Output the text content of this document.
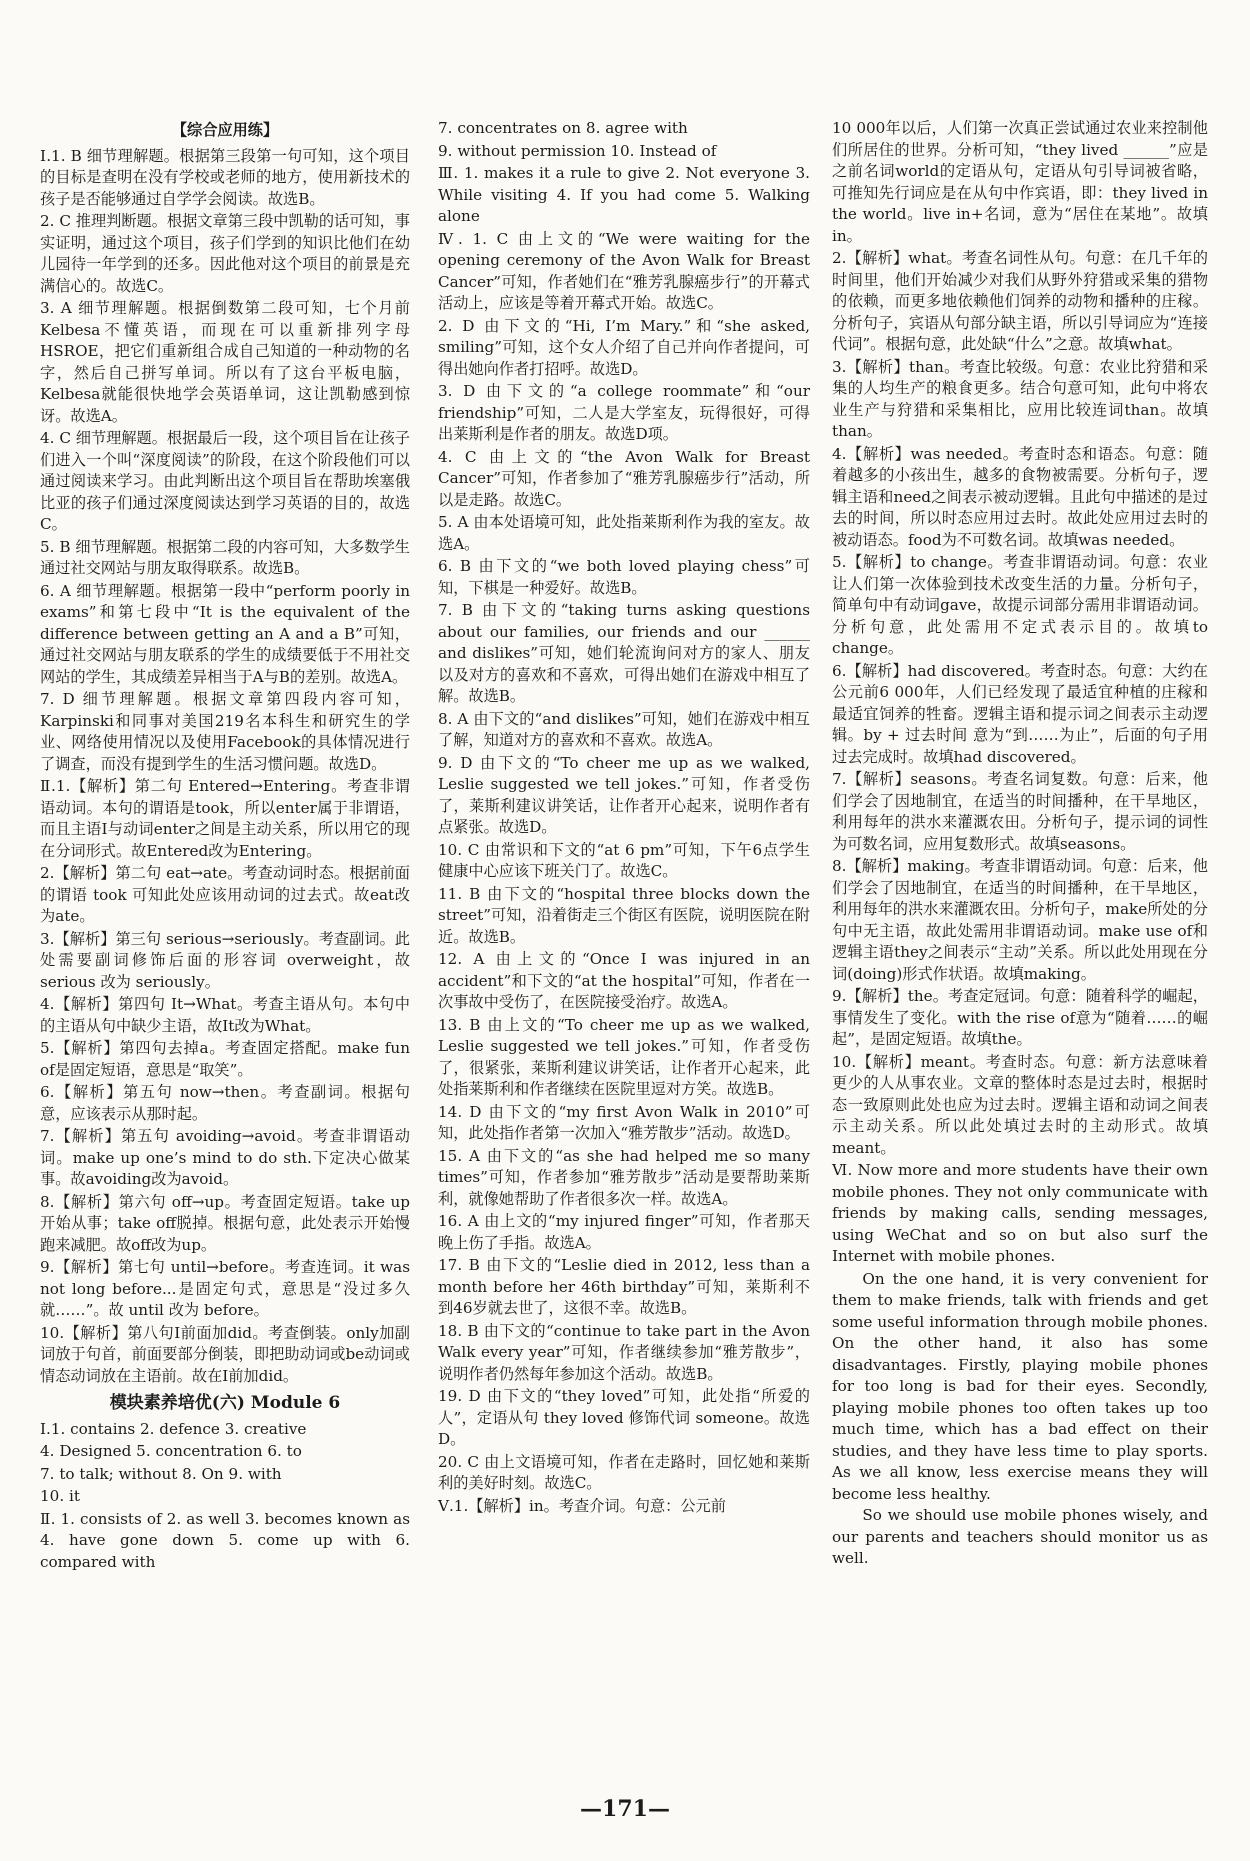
【综合应用练】

Ⅰ.1. B 细节理解题。根据第三段第一句可知，这个项目的目标是查明在没有学校或老师的地方，使用新技术的孩子是否能够通过自学学会阅读。故选B。

2. C 推理判断题。根据文章第三段中凯勒的话可知，事实证明，通过这个项目，孩子们学到的知识比他们在幼儿园待一年学到的还多。因此他对这个项目的前景是充满信心的。故选C。

3. A 细节理解题。根据倒数第二段可知，七个月前Kelbesa不懂英语，而现在可以重新排列字母HSROE，把它们重新组合成自己知道的一种动物的名字，然后自己拼写单词。所以有了这台平板电脑，Kelbesa就能很快地学会英语单词，这让凯勒感到惊讶。故选A。

4. C 细节理解题。根据最后一段，这个项目旨在让孩子们进入一个叫“深度阅读”的阶段，在这个阶段他们可以通过阅读来学习。由此判断出这个项目旨在帮助埃塞俄比亚的孩子们通过深度阅读达到学习英语的目的，故选C。

5. B 细节理解题。根据第二段的内容可知，大多数学生通过社交网站与朋友取得联系。故选B。

6. A 细节理解题。根据第一段中“perform poorly in exams”和第七段中“It is the equivalent of the difference between getting an A and a B”可知，通过社交网站与朋友联系的学生的成绩要低于不用社交网站的学生，其成绩差异相当于A与B的差别。故选A。

7. D 细节理解题。根据文章第四段内容可知，Karpinski和同事对美国219名本科生和研究生的学业、网络使用情况以及使用Facebook的具体情况进行了调查，而没有提到学生的生活习惯问题。故选D。

Ⅱ.1.【解析】第二句 Entered→Entering。考查非谓语动词。本句的谓语是took，所以enter属于非谓语，而且主语I与动词enter之间是主动关系，所以用它的现在分词形式。故Entered改为Entering。

2.【解析】第二句 eat→ate。考查动词时态。根据前面的谓语 took 可知此处应该用动词的过去式。故eat改为ate。

3.【解析】第三句 serious→seriously。考查副词。此处需要副词修饰后面的形容词 overweight，故 serious 改为 seriously。

4.【解析】第四句 It→What。考查主语从句。本句中的主语从句中缺少主语，故It改为What。

5.【解析】第四句去掉a。考查固定搭配。make fun of是固定短语，意思是“取笑”。

6.【解析】第五句 now→then。考查副词。根据句意，应该表示从那时起。

7.【解析】第五句 avoiding→avoid。考查非谓语动词。make up one’s mind to do sth.下定决心做某事。故avoiding改为avoid。

8.【解析】第六句 off→up。考查固定短语。take up开始从事；take off脱掉。根据句意，此处表示开始慢跑来减肥。故off改为up。

9.【解析】第七句 until→before。考查连词。it was not long before...是固定句式，意思是“没过多久就……”。故 until 改为 before。

10.【解析】第八句I前面加did。考查倒装。only加副词放于句首，前面要部分倒装，即把助动词或be动词或情态动词放在主语前。故在I前加did。

模块素养培优(六) Module 6

Ⅰ.1. contains 2. defence 3. creative

4. Designed 5. concentration 6. to

7. to talk; without 8. On 9. with

10. it

Ⅱ. 1. consists of 2. as well 3. becomes known as 4. have gone down 5. come up with 6. compared with

7. concentrates on 8. agree with

9. without permission 10. Instead of

Ⅲ. 1. makes it a rule to give 2. Not everyone 3. While visiting 4. If you had come 5. Walking alone

Ⅳ. 1. C 由上文的“We were waiting for the opening ceremony of the Avon Walk for Breast Cancer”可知，作者她们在“雅芳乳腺癌步行”的开幕式活动上，应该是等着开幕式开始。故选C。

2. D 由下文的“Hi, I’m Mary.”和“she asked, smiling”可知，这个女人介绍了自己并向作者提问，可得出她向作者打招呼。故选D。

3. D 由下文的“a college roommate”和“our friendship”可知，二人是大学室友，玩得很好，可得出莱斯利是作者的朋友。故选D项。

4. C 由上文的“the Avon Walk for Breast Cancer”可知，作者参加了“雅芳乳腺癌步行”活动，所以是走路。故选C。

5. A 由本处语境可知，此处指莱斯利作为我的室友。故选A。

6. B 由下文的“we both loved playing chess”可知，下棋是一种爱好。故选B。

7. B 由下文的“taking turns asking questions about our families, our friends and our ______ and dislikes”可知，她们轮流询问对方的家人、朋友以及对方的喜欢和不喜欢，可得出她们在游戏中相互了解。故选B。

8. A 由下文的“and dislikes”可知，她们在游戏中相互了解，知道对方的喜欢和不喜欢。故选A。

9. D 由下文的“To cheer me up as we walked, Leslie suggested we tell jokes.”可知，作者受伤了，莱斯利建议讲笑话，让作者开心起来，说明作者有点紧张。故选D。

10. C 由常识和下文的“at 6 pm”可知，下午6点学生健康中心应该下班关门了。故选C。

11. B 由下文的“hospital three blocks down the street”可知，沿着街走三个街区有医院，说明医院在附近。故选B。

12. A 由上文的“Once I was injured in an accident”和下文的“at the hospital”可知，作者在一次事故中受伤了，在医院接受治疗。故选A。

13. B 由上文的“To cheer me up as we walked, Leslie suggested we tell jokes.”可知，作者受伤了，很紧张，莱斯利建议讲笑话，让作者开心起来，此处指莱斯利和作者继续在医院里逗对方笑。故选B。

14. D 由下文的“my first Avon Walk in 2010”可知，此处指作者第一次加入“雅芳散步”活动。故选D。

15. A 由下文的“as she had helped me so many times”可知，作者参加“雅芳散步”活动是要帮助莱斯利，就像她帮助了作者很多次一样。故选A。

16. A 由上文的“my injured finger”可知，作者那天晚上伤了手指。故选A。

17. B 由下文的“Leslie died in 2012, less than a month before her 46th birthday”可知，莱斯利不到46岁就去世了，这很不幸。故选B。

18. B 由下文的“continue to take part in the Avon Walk every year”可知，作者继续参加“雅芳散步”，说明作者仍然每年参加这个活动。故选B。

19. D 由下文的“they loved”可知，此处指“所爱的人”，定语从句 they loved 修饰代词 someone。故选D。

20. C 由上文语境可知，作者在走路时，回忆她和莱斯利的美好时刻。故选C。

Ⅴ.1.【解析】in。考查介词。句意：公元前

10 000年以后，人们第一次真正尝试通过农业来控制他们所居住的世界。分析可知，“they lived ______”应是之前名词world的定语从句，定语从句引导词被省略，可推知先行词应是在从句中作宾语，即：they lived in the world。live in+名词，意为“居住在某地”。故填in。

2.【解析】what。考查名词性从句。句意：在几千年的时间里，他们开始减少对我们从野外狩猎或采集的猎物的依赖，而更多地依赖他们饲养的动物和播种的庄稼。分析句子，宾语从句部分缺主语，所以引导词应为“连接代词”。根据句意，此处缺“什么”之意。故填what。

3.【解析】than。考查比较级。句意：农业比狩猎和采集的人均生产的粮食更多。结合句意可知，此句中将农业生产与狩猎和采集相比，应用比较连词than。故填than。

4.【解析】was needed。考查时态和语态。句意：随着越多的小孩出生，越多的食物被需要。分析句子，逻辑主语和need之间表示被动逻辑。且此句中描述的是过去的时间，所以时态应用过去时。故此处应用过去时的被动语态。food为不可数名词。故填was needed。

5.【解析】to change。考查非谓语动词。句意：农业让人们第一次体验到技术改变生活的力量。分析句子，简单句中有动词gave，故提示词部分需用非谓语动词。分析句意，此处需用不定式表示目的。故填to change。

6.【解析】had discovered。考查时态。句意：大约在公元前6 000年，人们已经发现了最适宜种植的庄稼和最适宜饲养的牲畜。逻辑主语和提示词之间表示主动逻辑。by + 过去时间 意为“到……为止”，后面的句子用过去完成时。故填had discovered。

7.【解析】seasons。考查名词复数。句意：后来，他们学会了因地制宜，在适当的时间播种，在干旱地区，利用每年的洪水来灌溉农田。分析句子，提示词的词性为可数名词，应用复数形式。故填seasons。

8.【解析】making。考查非谓语动词。句意：后来，他们学会了因地制宜，在适当的时间播种，在干旱地区，利用每年的洪水来灌溉农田。分析句子，make所处的分句中无主语，故此处需用非谓语动词。make use of和逻辑主语they之间表示“主动”关系。所以此处用现在分词(doing)形式作状语。故填making。

9.【解析】the。考查定冠词。句意：随着科学的崛起，事情发生了变化。with the rise of意为“随着……的崛起”，是固定短语。故填the。

10.【解析】meant。考查时态。句意：新方法意味着更少的人从事农业。文章的整体时态是过去时，根据时态一致原则此处也应为过去时。逻辑主语和动词之间表示主动关系。所以此处填过去时的主动形式。故填meant。

Ⅵ. Now more and more students have their own mobile phones. They not only communicate with friends by making calls, sending messages, using WeChat and so on but also surf the Internet with mobile phones.

On the one hand, it is very convenient for them to make friends, talk with friends and get some useful information through mobile phones. On the other hand, it also has some disadvantages. Firstly, playing mobile phones for too long is bad for their eyes. Secondly, playing mobile phones too often takes up too much time, which has a bad effect on their studies, and they have less time to play sports. As we all know, less exercise means they will become less healthy.

So we should use mobile phones wisely, and our parents and teachers should monitor us as well.

—171—
